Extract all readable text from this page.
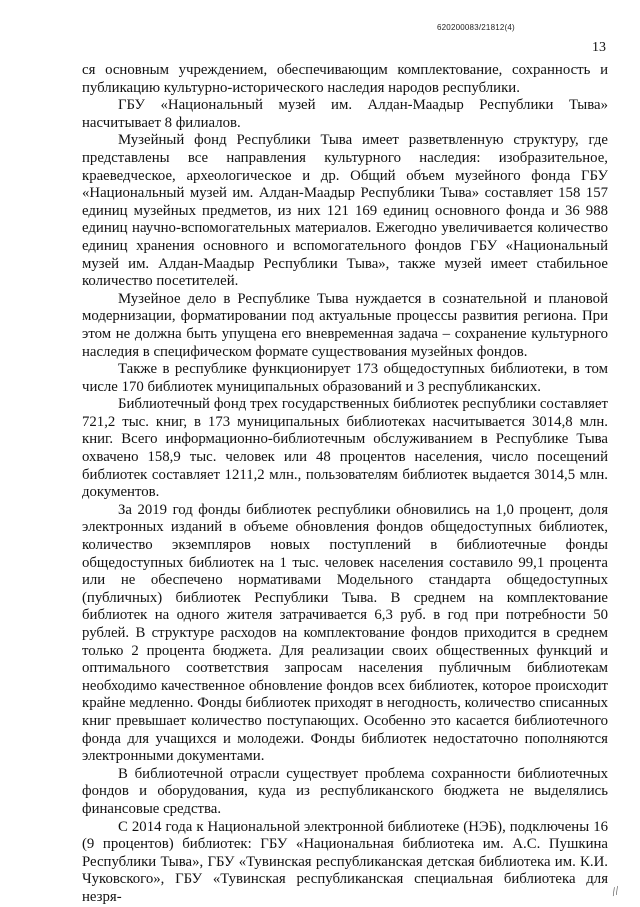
620200083/21812(4)
13

ся основным учреждением, обеспечивающим комплектование, сохранность и публикацию культурно-исторического наследия народов республики.

ГБУ «Национальный музей им. Алдан-Маадыр Республики Тыва» насчитывает 8 филиалов.

Музейный фонд Республики Тыва имеет разветвленную структуру, где представлены все направления культурного наследия: изобразительное, краеведческое, археологическое и др. Общий объем музейного фонда ГБУ «Национальный музей им. Алдан-Маадыр Республики Тыва» составляет 158 157 единиц музейных предметов, из них 121 169 единиц основного фонда и 36 988 единиц научно-вспомогательных материалов. Ежегодно увеличивается количество единиц хранения основного и вспомогательного фондов ГБУ «Национальный музей им. Алдан-Маадыр Республики Тыва», также музей имеет стабильное количество посетителей.

Музейное дело в Республике Тыва нуждается в сознательной и плановой модернизации, форматировании под актуальные процессы развития региона. При этом не должна быть упущена его вневременная задача – сохранение культурного наследия в специфическом формате существования музейных фондов.

Также в республике функционирует 173 общедоступных библиотеки, в том числе 170 библиотек муниципальных образований и 3 республиканских.

Библиотечный фонд трех государственных библиотек республики составляет 721,2 тыс. книг, в 173 муниципальных библиотеках насчитывается 3014,8 млн. книг. Всего информационно-библиотечным обслуживанием в Республике Тыва охвачено 158,9 тыс. человек или 48 процентов населения, число посещений библиотек составляет 1211,2 млн., пользователям библиотек выдается 3014,5 млн. документов.

За 2019 год фонды библиотек республики обновились на 1,0 процент, доля электронных изданий в объеме обновления фондов общедоступных библиотек, количество экземпляров новых поступлений в библиотечные фонды общедоступных библиотек на 1 тыс. человек населения составило 99,1 процента или не обеспечено нормативами Модельного стандарта общедоступных (публичных) библиотек Республики Тыва. В среднем на комплектование библиотек на одного жителя затрачивается 6,3 руб. в год при потребности 50 рублей. В структуре расходов на комплектование фондов приходится в среднем только 2 процента бюджета. Для реализации своих общественных функций и оптимального соответствия запросам населения публичным библиотекам необходимо качественное обновление фондов всех библиотек, которое происходит крайне медленно. Фонды библиотек приходят в негодность, количество списанных книг превышает количество поступающих. Особенно это касается библиотечного фонда для учащихся и молодежи. Фонды библиотек недостаточно пополняются электронными документами.

В библиотечной отрасли существует проблема сохранности библиотечных фондов и оборудования, куда из республиканского бюджета не выделялись финансовые средства.

С 2014 года к Национальной электронной библиотеке (НЭБ), подключены 16 (9 процентов) библиотек: ГБУ «Национальная библиотека им. А.С. Пушкина Республики Тыва», ГБУ «Тувинская республиканская детская библиотека им. К.И. Чуковского», ГБУ «Тувинская республиканская специальная библиотека для незря-	//
